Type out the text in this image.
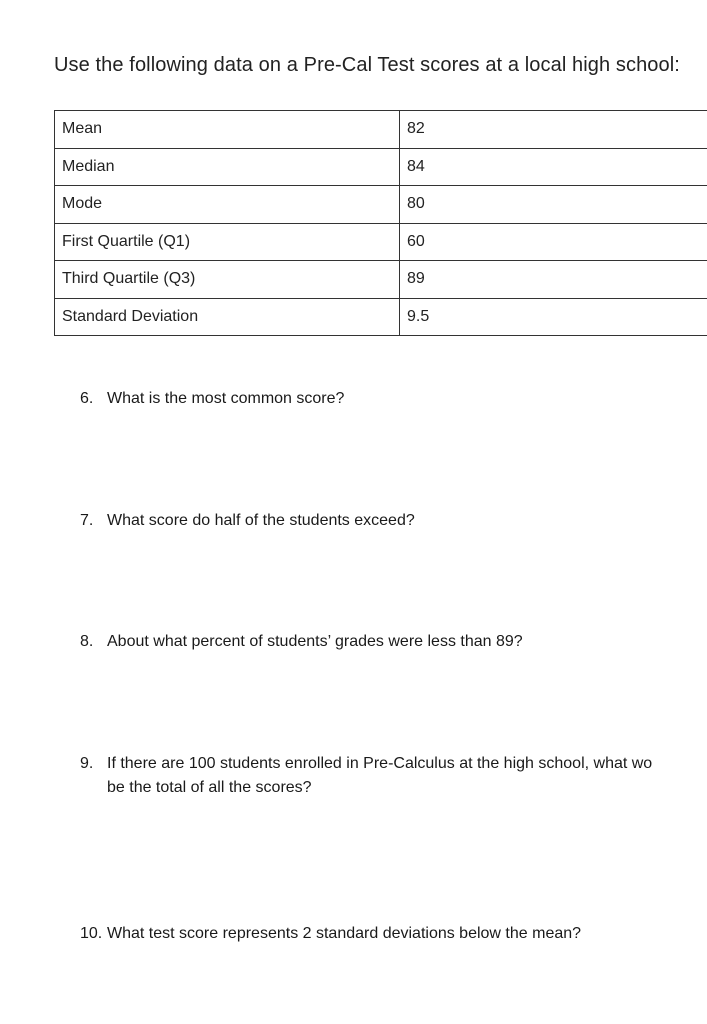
Use the following data on a Pre-Cal Test scores at a local high school:
Mean	82
Median	84
Mode	80
First Quartile (Q1)	60
Third Quartile (Q3)	89
Standard Deviation	9.5
6. What is the most common score?
7. What score do half of the students exceed?
8. About what percent of students’ grades were less than 89?
9. If there are 100 students enrolled in Pre-Calculus at the high school, what wo
be the total of all the scores?
10. What test score represents 2 standard deviations below the mean?
